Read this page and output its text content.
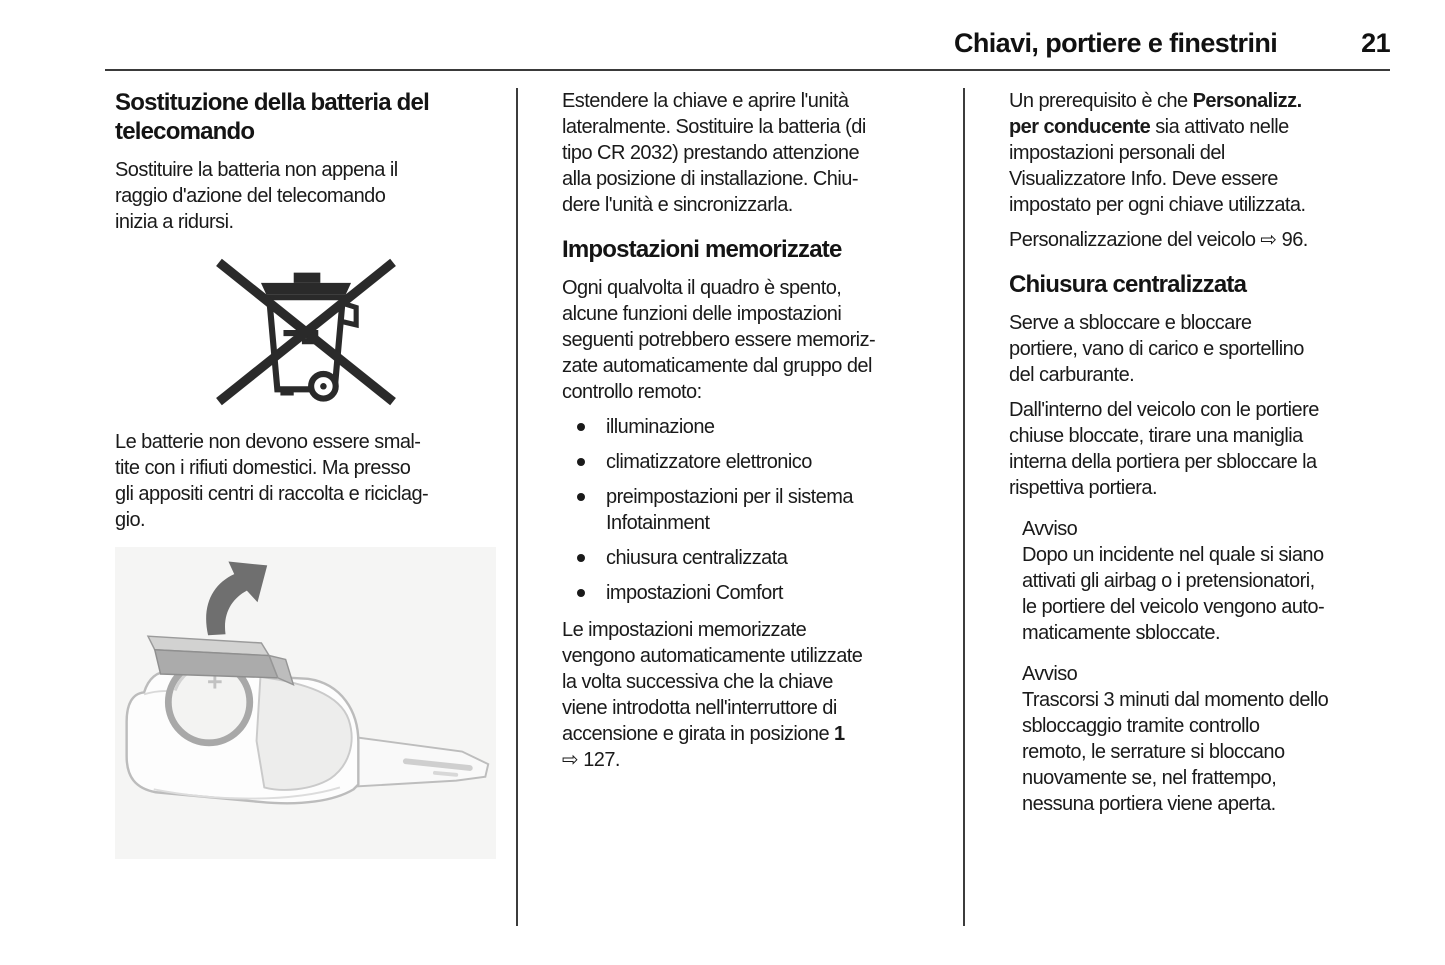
Chiavi, portiere e finestrini	21
Sostituzione della batteria del
telecomando

Sostituire la batteria non appena il
raggio d'azione del telecomando
inizia a ridursi.

Le batterie non devono essere smal-
tite con i rifiuti domestici. Ma presso
gli appositi centri di raccolta e riciclag-
gio.

Estendere la chiave e aprire l'unità
lateralmente. Sostituire la batteria (di
tipo CR 2032) prestando attenzione
alla posizione di installazione. Chiu-
dere l'unità e sincronizzarla.

Impostazioni memorizzate

Ogni qualvolta il quadro è spento,
alcune funzioni delle impostazioni
seguenti potrebbero essere memoriz-
zate automaticamente dal gruppo del
controllo remoto:

illuminazione
climatizzatore elettronico
preimpostazioni per il sistema
Infotainment
chiusura centralizzata
impostazioni Comfort

Le impostazioni memorizzate
vengono automaticamente utilizzate
la volta successiva che la chiave
viene introdotta nell'interruttore di
accensione e girata in posizione 1
⇨ 127.

Un prerequisito è che Personalizz.
per conducente sia attivato nelle
impostazioni personali del
Visualizzatore Info. Deve essere
impostato per ogni chiave utilizzata.

Personalizzazione del veicolo ⇨ 96.

Chiusura centralizzata

Serve a sbloccare e bloccare
portiere, vano di carico e sportellino
del carburante.

Dall'interno del veicolo con le portiere
chiuse bloccate, tirare una maniglia
interna della portiera per sbloccare la
rispettiva portiera.

Avviso

Dopo un incidente nel quale si siano
attivati gli airbag o i pretensionatori,
le portiere del veicolo vengono auto-
maticamente sbloccate.

Avviso

Trascorsi 3 minuti dal momento dello
sbloccaggio tramite controllo
remoto, le serrature si bloccano
nuovamente se, nel frattempo,
nessuna portiera viene aperta.
